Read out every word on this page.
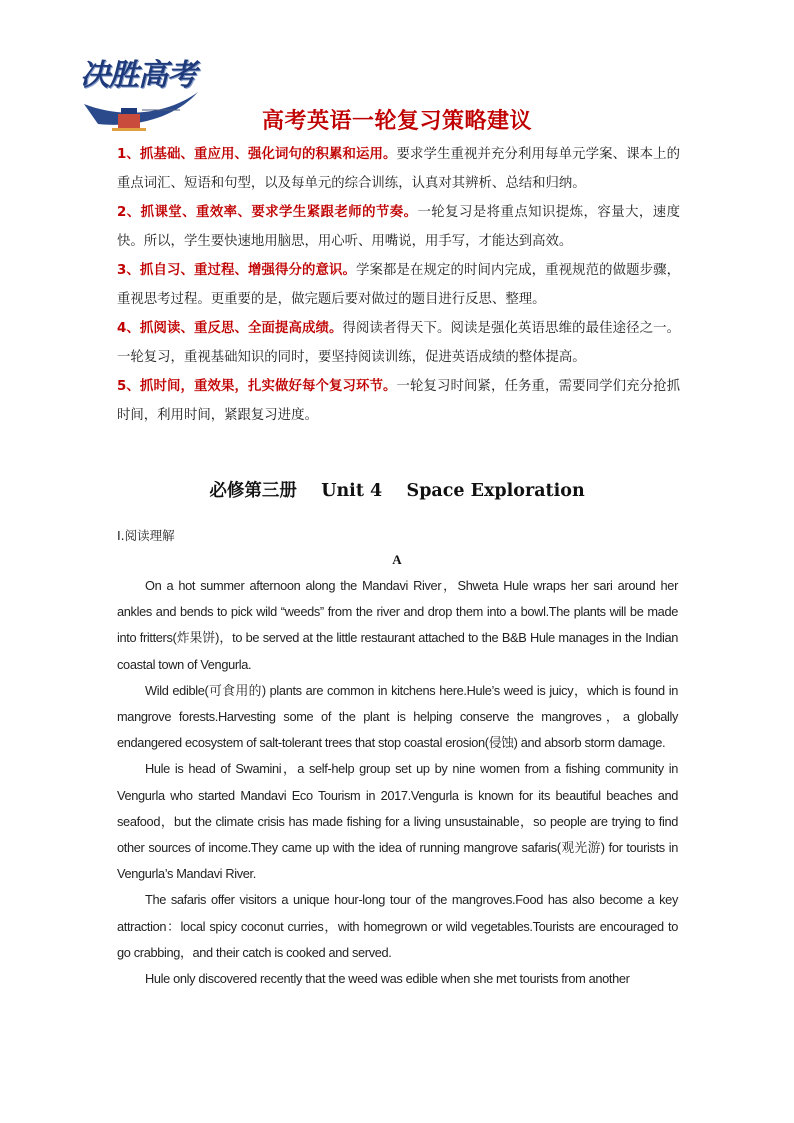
决胜高考
高考英语一轮复习策略建议

1、抓基础、重应用、强化词句的积累和运用。要求学生重视并充分利用每单元学案、课本上的重点词汇、短语和句型，以及每单元的综合训练，认真对其辨析、总结和归纳。

2、抓课堂、重效率、要求学生紧跟老师的节奏。一轮复习是将重点知识提炼，容量大，速度快。所以，学生要快速地用脑思，用心听、用嘴说，用手写，才能达到高效。

3、抓自习、重过程、增强得分的意识。学案都是在规定的时间内完成，重视规范的做题步骤，重视思考过程。更重要的是，做完题后要对做过的题目进行反思、整理。

4、抓阅读、重反思、全面提高成绩。得阅读者得天下。阅读是强化英语思维的最佳途径之一。一轮复习，重视基础知识的同时，要坚持阅读训练，促进英语成绩的整体提高。

5、抓时间，重效果，扎实做好每个复习环节。一轮复习时间紧，任务重，需要同学们充分抢抓时间，利用时间，紧跟复习进度。

必修第三册    Unit 4    Space Exploration
Ⅰ.阅读理解
A

On a hot summer afternoon along the Mandavi River，Shweta Hule wraps her sari around her ankles and bends to pick wild “weeds” from the river and drop them into a bowl.The plants will be made into fritters(炸果饼)，to be served at the little restaurant attached to the B&B Hule manages in the Indian coastal town of Vengurla.

Wild edible(可食用的) plants are common in kitchens here.Hule’s weed is juicy，which is found in mangrove forests.Harvesting some of the plant is helping conserve the mangroves，a globally endangered ecosystem of salt-tolerant trees that stop coastal erosion(侵蚀) and absorb storm damage.

Hule is head of Swamini，a self-help group set up by nine women from a fishing community in Vengurla who started Mandavi Eco Tourism in 2017.Vengurla is known for its beautiful beaches and seafood，but the climate crisis has made fishing for a living unsustainable，so people are trying to find other sources of income.They came up with the idea of running mangrove safaris(观光游) for tourists in Vengurla’s Mandavi River.

The safaris offer visitors a unique hour-long tour of the mangroves.Food has also become a key attraction：local spicy coconut curries，with homegrown or wild vegetables.Tourists are encouraged to go crabbing，and their catch is cooked and served.

Hule only discovered recently that the weed was edible when she met tourists from another
